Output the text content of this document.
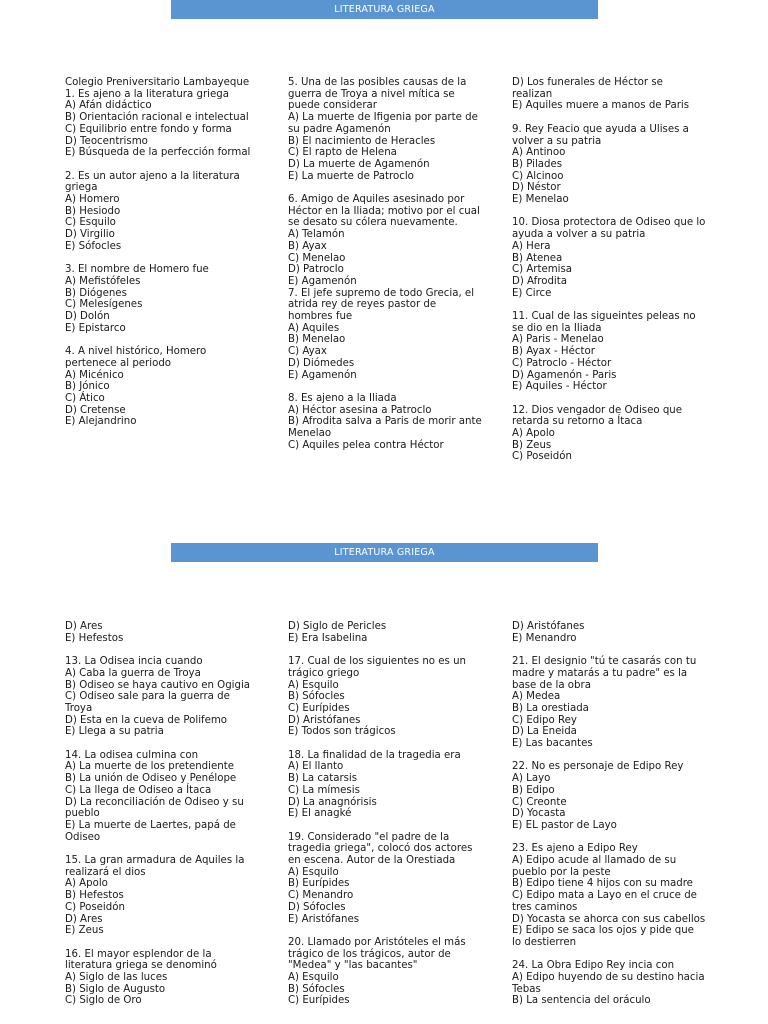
LITERATURA GRIEGA
Colegio Preniversitario Lambayeque
1. Es ajeno a la literatura griega
A) Afán didáctico
B) Orientación racional e intelectual
C) Equilibrio entre fondo y forma
D) Teocentrismo
E) Búsqueda de la perfección formal
2. Es un autor ajeno a la literatura
griega
A) Homero
B) Hesiodo
C) Esquilo
D) Virgilio
E) Sófocles
3. El nombre de Homero fue
A) Mefistófeles
B) Diógenes
C) Melesígenes
D) Dolón
E) Epistarco
4. A nivel histórico, Homero
pertenece al periodo
A) Micénico
B) Jónico
C) Ático
D) Cretense
E) Alejandrino
5. Una de las posibles causas de la
guerra de Troya a nivel mítica se
puede considerar
A) La muerte de Ifigenia por parte de
su padre Agamenón
B) El nacimiento de Heracles
C) El rapto de Helena
D) La muerte de Agamenón
E) La muerte de Patroclo
6. Amigo de Aquiles asesinado por
Héctor en la Iliada; motivo por el cual
se desato su cólera nuevamente.
A) Telamón
B) Ayax
C) Menelao
D) Patroclo
E) Agamenón
7. El jefe supremo de todo Grecia, el
atrida rey de reyes pastor de
hombres fue
A) Aquiles
B) Menelao
C) Ayax
D) Diómedes
E) Agamenón
8. Es ajeno a la Iliada
A) Héctor asesina a Patroclo
B) Afrodita salva a Paris de morir ante
Menelao
C) Aquiles pelea contra Héctor
D) Los funerales de Héctor se
realizan
E) Aquiles muere a manos de Paris
9. Rey Feacio que ayuda a Ulises a
volver a su patria
A) Antinoo
B) Pilades
C) Alcinoo
D) Néstor
E) Menelao
10. Diosa protectora de Odiseo que lo
ayuda a volver a su patria
A) Hera
B) Atenea
C) Artemisa
D) Afrodita
E) Circe
11. Cual de las sigueintes peleas no
se dio en la Iliada
A) Paris - Menelao
B) Ayax - Héctor
C) Patroclo - Héctor
D) Agamenón - Paris
E) Aquiles - Héctor
12. Dios vengador de Odiseo que
retarda su retorno a Ítaca
A) Apolo
B) Zeus
C) Poseidón
LITERATURA GRIEGA
D) Ares
E) Hefestos
13. La Odisea incia cuando
A) Caba la guerra de Troya
B) Odiseo se haya cautivo en Ogigia
C) Odiseo sale para la guerra de
Troya
D) Esta en la cueva de Polifemo
E) Llega a su patria
14. La odisea culmina con
A) La muerte de los pretendiente
B) La unión de Odiseo y Penélope
C) La llega de Odiseo a Ítaca
D) La reconciliación de Odiseo y su
pueblo
E) La muerte de Laertes, papá de
Odiseo
15. La gran armadura de Aquiles la
realizará el dios
A) Apolo
B) Hefestos
C) Poseidón
D) Ares
E) Zeus
16. El mayor esplendor de la
literatura griega se denominó
A) Siglo de las luces
B) Siglo de Augusto
C) Siglo de Oro
D) Siglo de Pericles
E) Era Isabelina
17. Cual de los siguientes no es un
trágico griego
A) Esquilo
B) Sófocles
C) Eurípides
D) Aristófanes
E) Todos son trágicos
18. La finalidad de la tragedia era
A) El llanto
B) La catarsis
C) La mímesis
D) La anagnórisis
E) El anagké
19. Considerado "el padre de la
tragedia griega", colocó dos actores
en escena. Autor de la Orestiada
A) Esquilo
B) Eurípides
C) Menandro
D) Sófocles
E) Aristófanes
20. Llamado por Aristóteles el más
trágico de los trágicos, autor de
"Medea" y "las bacantes"
A) Esquilo
B) Sófocles
C) Eurípides
D) Aristófanes
E) Menandro
21. El designio "tú te casarás con tu
madre y matarás a tu padre" es la
base de la obra
A) Medea
B) La orestiada
C) Edipo Rey
D) La Eneida
E) Las bacantes
22. No es personaje de Edipo Rey
A) Layo
B) Edipo
C) Creonte
D) Yocasta
E) EL pastor de Layo
23. Es ajeno a Edipo Rey
A) Edipo acude al llamado de su
pueblo por la peste
B) Edipo tiene 4 hijos con su madre
C) Edipo mata a Layo en el cruce de
tres caminos
D) Yocasta se ahorca con sus cabellos
E) Edipo se saca los ojos y pide que
lo destierren
24. La Obra Edipo Rey incia con
A) Edipo huyendo de su destino hacia
Tebas
B) La sentencia del oráculo
